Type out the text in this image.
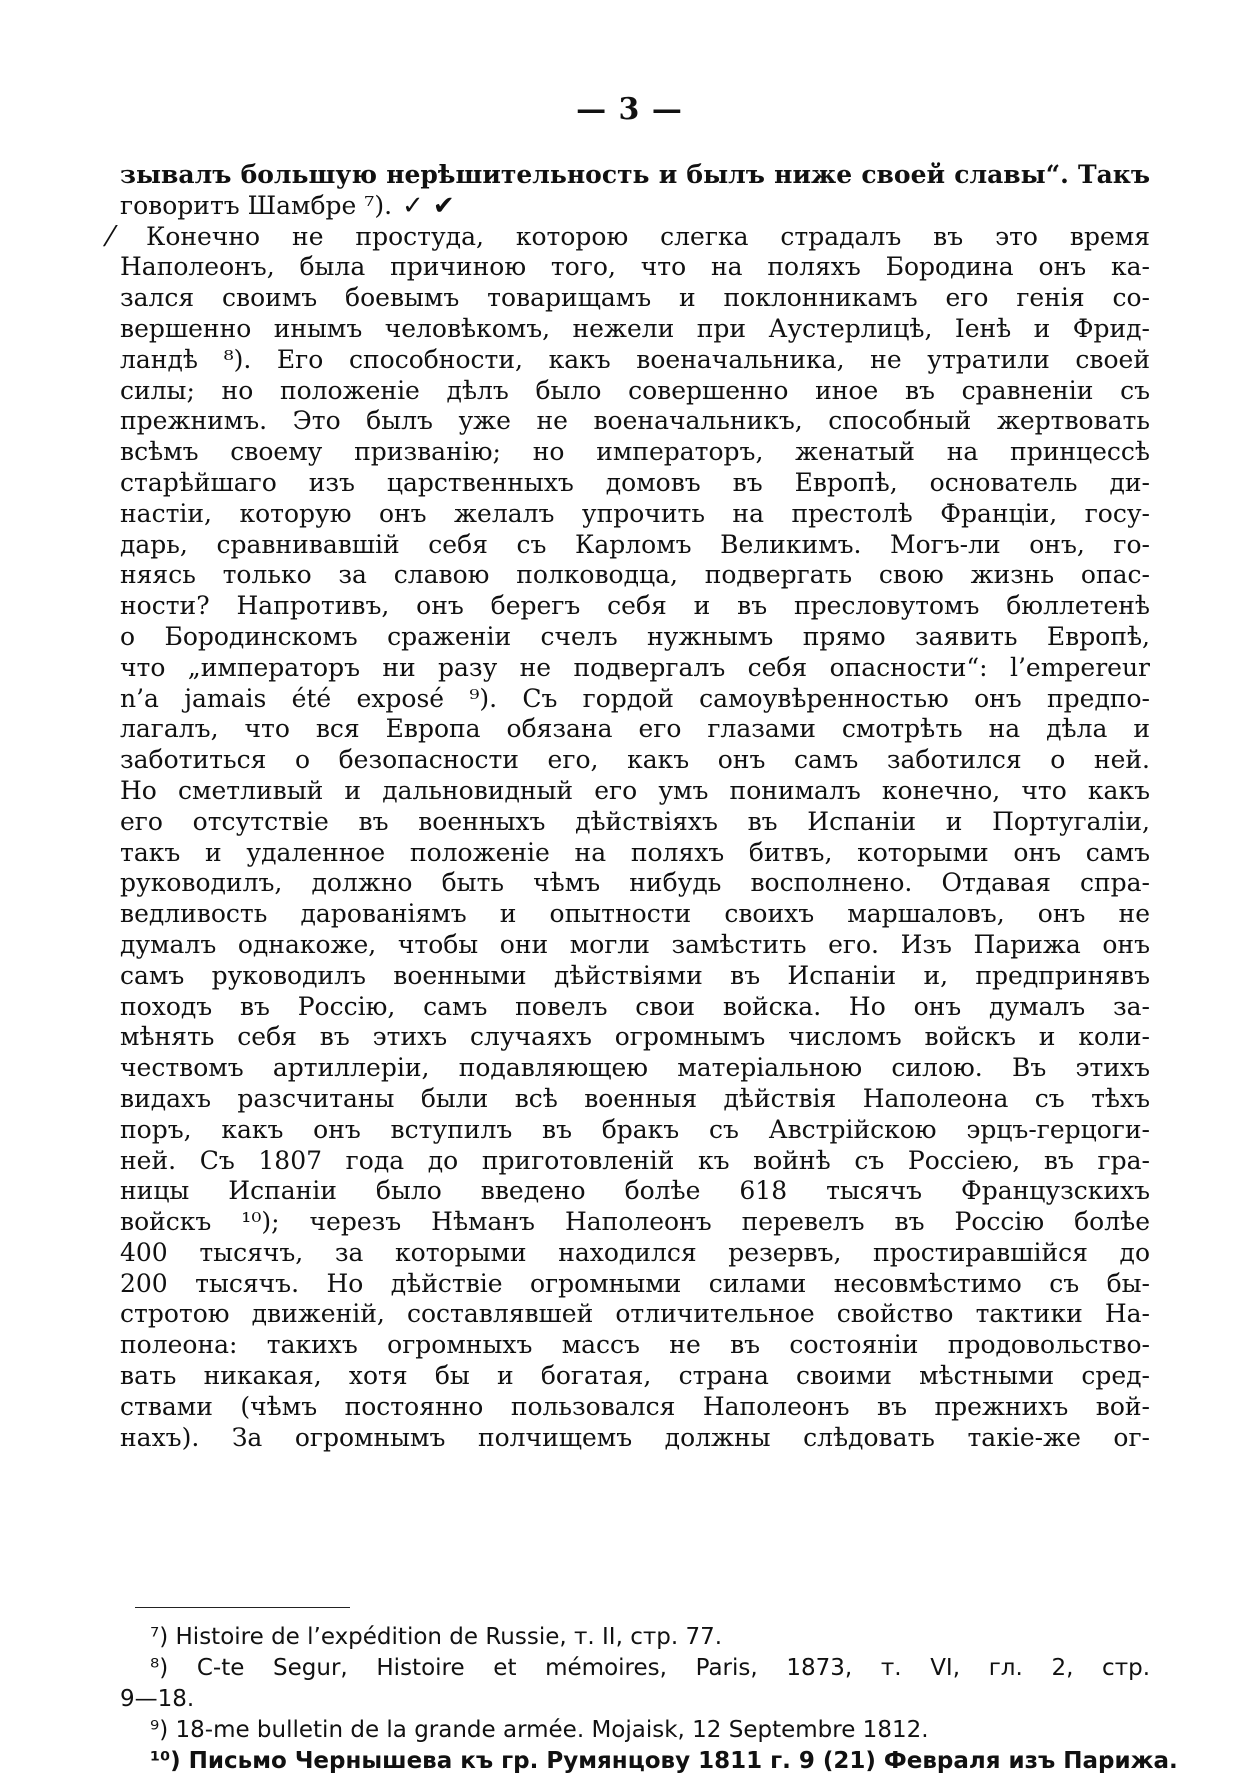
— 3 —
зывалъ большую нерѣшительность и былъ ниже своей славы“. Такъ
говоритъ Шамбре ⁷). ✓ ✔
⁄	Конечно не простуда, которою слегка страдалъ въ это время
Наполеонъ, была причиною того, что на поляхъ Бородина онъ ка-
зался своимъ боевымъ товарищамъ и поклонникамъ его генія со-
вершенно инымъ человѣкомъ, нежели при Аустерлицѣ, Іенѣ и Фрид-
ландѣ ⁸). Его способности, какъ военачальника, не утратили своей
силы; но положеніе дѣлъ было совершенно иное въ сравненіи съ
прежнимъ. Это былъ уже не военачальникъ, способный жертвовать
всѣмъ своему призванію; но императоръ, женатый на принцессѣ
старѣйшаго изъ царственныхъ домовъ въ Европѣ, основатель ди-
настіи, которую онъ желалъ упрочить на престолѣ Франціи, госу-
дарь, сравнивавшій себя съ Карломъ Великимъ. Могъ-ли онъ, го-
няясь только за славою полководца, подвергать свою жизнь опас-
ности? Напротивъ, онъ берегъ себя и въ пресловутомъ бюллетенѣ
о Бородинскомъ сраженіи счелъ нужнымъ прямо заявить Европѣ,
что „императоръ ни разу не подвергалъ себя опасности“: l’empereur
n’a jamais été exposé ⁹). Съ гордой самоувѣренностью онъ предпо-
лагалъ, что вся Европа обязана его глазами смотрѣть на дѣла и
заботиться о безопасности его, какъ онъ самъ заботился о ней.
Но сметливый и дальновидный его умъ понималъ конечно, что какъ
его отсутствіе въ военныхъ дѣйствіяхъ въ Испаніи и Португаліи,
такъ и удаленное положеніе на поляхъ битвъ, которыми онъ самъ
руководилъ, должно быть чѣмъ нибудь восполнено. Отдавая спра-
ведливость дарованіямъ и опытности своихъ маршаловъ, онъ не
думалъ однакоже, чтобы они могли замѣстить его. Изъ Парижа онъ
самъ руководилъ военными дѣйствіями въ Испаніи и, предпринявъ
походъ въ Россію, самъ повелъ свои войска. Но онъ думалъ за-
мѣнять себя въ этихъ случаяхъ огромнымъ числомъ войскъ и коли-
чествомъ артиллеріи, подавляющею матеріальною силою. Въ этихъ
видахъ разсчитаны были всѣ военныя дѣйствія Наполеона съ тѣхъ
поръ, какъ онъ вступилъ въ бракъ съ Австрійскою эрцъ-герцоги-
ней. Съ 1807 года до приготовленій къ войнѣ съ Россіею, въ гра-
ницы Испаніи было введено болѣе 618 тысячъ Французскихъ
войскъ ¹⁰); черезъ Нѣманъ Наполеонъ перевелъ въ Россію болѣе
400 тысячъ, за которыми находился резервъ, простиравшійся до
200 тысячъ. Но дѣйствіе огромными силами несовмѣстимо съ бы-
стротою движеній, составлявшей отличительное свойство тактики На-
полеона: такихъ огромныхъ массъ не въ состояніи продовольство-
вать никакая, хотя бы и богатая, страна своими мѣстными сред-
ствами (чѣмъ постоянно пользовался Наполеонъ въ прежнихъ вой-
нахъ). За огромнымъ полчищемъ должны слѣдовать такіе-же ог-
⁷) Histoire de l’expédition de Russie, т. II, стр. 77.
⁸) C-te Segur, Histoire et mémoires, Paris, 1873, т. VI, гл. 2, стр.
9—18.
⁹) 18-me bulletin de la grande armée. Mojaisk, 12 Septembre 1812.
¹⁰) Письмо Чернышева къ гр. Румянцову 1811 г. 9 (21) Февраля изъ Парижа.
